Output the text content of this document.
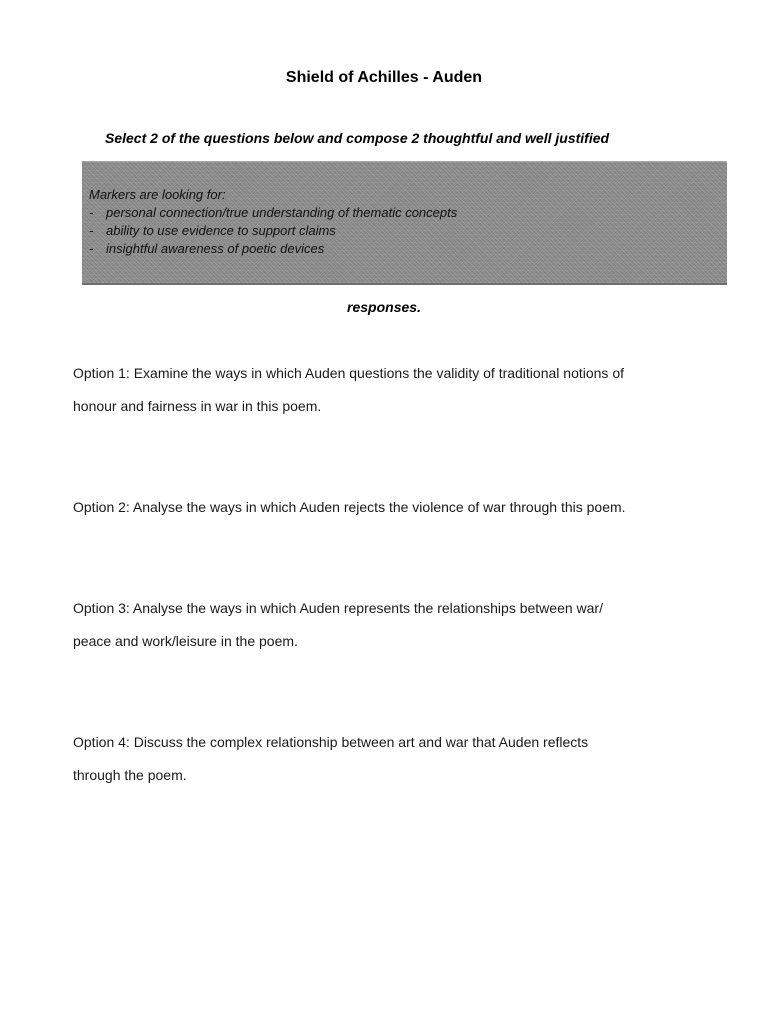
Shield of Achilles - Auden

Select 2 of the questions below and compose 2 thoughtful and well justified

Markers are looking for:
- personal connection/true understanding of thematic concepts
- ability to use evidence to support claims
- insightful awareness of poetic devices

responses.

Option 1: Examine the ways in which Auden questions the validity of traditional notions of
honour and fairness in war in this poem.
Option 2: Analyse the ways in which Auden rejects the violence of war through this poem.
Option 3: Analyse the ways in which Auden represents the relationships between war/
peace and work/leisure in the poem.
Option 4: Discuss the complex relationship between art and war that Auden reflects
through the poem.
